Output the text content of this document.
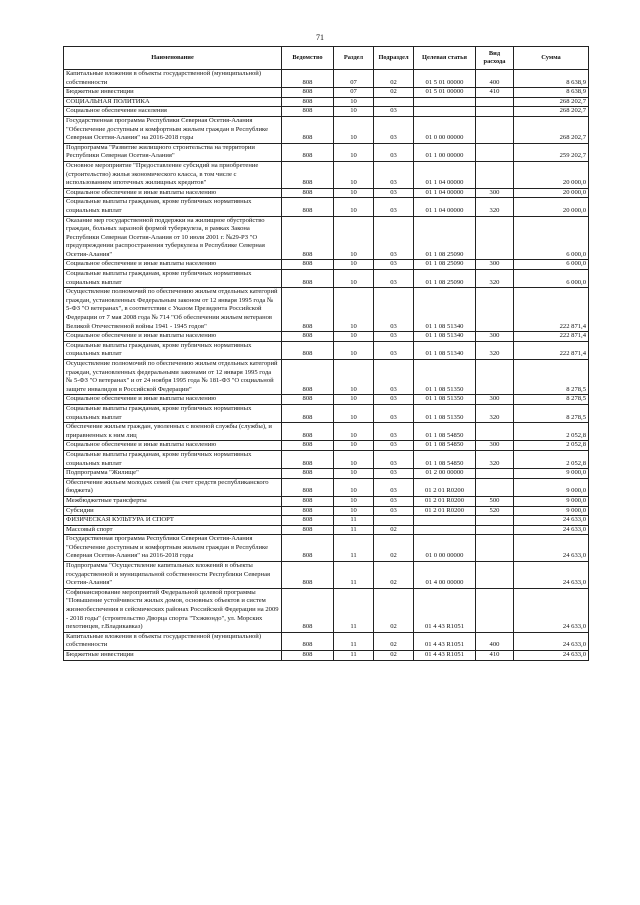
71
Наименование	Ведомство	Раздел	Подраздел	Целевая статья	Вид расхода	Сумма
Капитальные вложения в объекты государственной (муниципальной) собственности	808	07	02	01 5 01 00000	400	8 638,9
Бюджетные инвестиции	808	07	02	01 5 01 00000	410	8 638,9
СОЦИАЛЬНАЯ ПОЛИТИКА	808	10				268 202,7
Социальное обеспечение населения	808	10	03			268 202,7
Государственная программа Республики Северная Осетия-Алания "Обеспечение доступным и комфортным жильем граждан в Республике Северная Осетия-Алания" на 2016-2018 годы	808	10	03	01 0 00 00000		268 202,7
Подпрограмма "Развитие жилищного строительства на территории Республики Северная Осетия-Алания"	808	10	03	01 1 00 00000		259 202,7
Основное мероприятие "Предоставление субсидий на приобретение (строительство) жилья экономического класса, в том числе с использованием ипотечных жилищных кредитов"	808	10	03	01 1 04 00000		20 000,0
Социальное обеспечение и иные выплаты населению	808	10	03	01 1 04 00000	300	20 000,0
Социальные выплаты гражданам, кроме публичных нормативных социальных выплат	808	10	03	01 1 04 00000	320	20 000,0
Оказание мер государственной поддержки на жилищное обустройство граждан, больных заразной формой туберкулеза, в рамках Закона Республики Северная Осетия-Алания от 10 июля 2001 г. №29-РЗ "О предупреждении распространения туберкулеза в Республике Северная Осетия-Алания"	808	10	03	01 1 08 25090		6 000,0
Социальное обеспечение и иные выплаты населению	808	10	03	01 1 08 25090	300	6 000,0
Социальные выплаты гражданам, кроме публичных нормативных социальных выплат	808	10	03	01 1 08 25090	320	6 000,0
Осуществление полномочий по обеспечению жильем отдельных категорий граждан, установленных Федеральным законом от 12 января 1995 года № 5-ФЗ "О ветеранах", в соответствии с Указом Президента Российской Федерации от 7 мая 2008 года № 714 "Об обеспечении жильем ветеранов Великой Отечественной войны 1941 - 1945 годов"	808	10	03	01 1 08 51340		222 871,4
Социальное обеспечение и иные выплаты населению	808	10	03	01 1 08 51340	300	222 871,4
Социальные выплаты гражданам, кроме публичных нормативных социальных выплат	808	10	03	01 1 08 51340	320	222 871,4
Осуществление полномочий по обеспечению жильем отдельных категорий граждан, установленных федеральными законами от 12 января 1995 года № 5-ФЗ "О ветеранах" и от 24 ноября 1995 года № 181-ФЗ "О социальной защите инвалидов в Российской Федерации"	808	10	03	01 1 08 51350		8 278,5
Социальное обеспечение и иные выплаты населению	808	10	03	01 1 08 51350	300	8 278,5
Социальные выплаты гражданам, кроме публичных нормативных социальных выплат	808	10	03	01 1 08 51350	320	8 278,5
Обеспечение жильем граждан, уволенных с военной службы (службы), и приравненных к ним лиц	808	10	03	01 1 08 54850		2 052,8
Социальное обеспечение и иные выплаты населению	808	10	03	01 1 08 54850	300	2 052,8
Социальные выплаты гражданам, кроме публичных нормативных социальных выплат	808	10	03	01 1 08 54850	320	2 052,8
Подпрограмма "Жилище"	808	10	03	01 2 00 00000		9 000,0
Обеспечение жильем молодых семей (за счет средств республиканского бюджета)	808	10	03	01 2 01 R0200		9 000,0
Межбюджетные трансферты	808	10	03	01 2 01 R0200	500	9 000,0
Субсидии	808	10	03	01 2 01 R0200	520	9 000,0
ФИЗИЧЕСКАЯ КУЛЬТУРА И СПОРТ	808	11				24 633,0
Массовый спорт	808	11	02			24 633,0
Государственная программа Республики Северная Осетия-Алания "Обеспечение доступным и комфортным жильем граждан в Республике Северная Осетия-Алания" на 2016-2018 годы	808	11	02	01 0 00 00000		24 633,0
Подпрограмма "Осуществление капитальных вложений в объекты государственной и муниципальной собственности Республики Северная Осетия-Алания"	808	11	02	01 4 00 00000		24 633,0
Софинансирование мероприятий Федеральной целевой программы "Повышение устойчивости жилых домов, основных объектов и систем жизнеобеспечения в сейсмических районах Российской Федерации на 2009 - 2018 годы" (строительство Дворца спорта "Тхэквондо", ул. Морских пехотинцев, г.Владикавказ)	808	11	02	01 4 43 R1051		24 633,0
Капитальные вложения в объекты государственной (муниципальной) собственности	808	11	02	01 4 43 R1051	400	24 633,0
Бюджетные инвестиции	808	11	02	01 4 43 R1051	410	24 633,0
